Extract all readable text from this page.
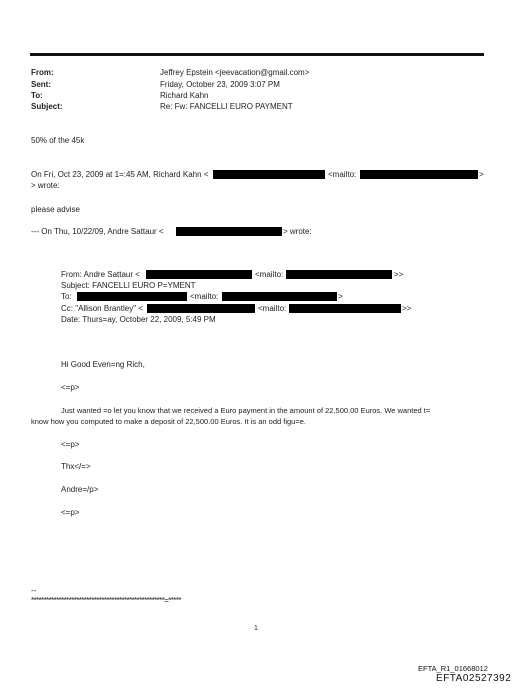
From:	Jeffrey Epstein <jeevacation@gmail.com>
Sent:	Friday, October 23, 2009 3:07 PM
To:	Richard Kahn
Subject:	Re: Fw: FANCELLI EURO PAYMENT
50% of the 45k
On Fri, Oct 23, 2009 at 1=:45 AM, Richard Kahn <	<mailto:	>
> wrote:
please advise
--- On Thu, 10/22/09, Andre Sattaur <	> wrote:
From: Andre Sattaur <	<mailto:	>>
Subject: FANCELLI EURO P=YMENT
To:	<mailto:	>
Cc: "Allison Brantley" <	<mailto:	>>
Date: Thurs=ay, October 22, 2009, 5:49 PM
Hi Good Even=ng Rich,
<=p>
Just wanted =o let you know that we received a Euro payment in the amount of 22,500.00 Euros. We wanted t=
know how you computed to make a deposit of 22,500.00 Euros. It is an odd figu=e.
<=p>
Thx</=>
Andre=/p>
<=p>
--
*****************************************************=*****
1
EFTA_R1_01668012
EFTA02527392
